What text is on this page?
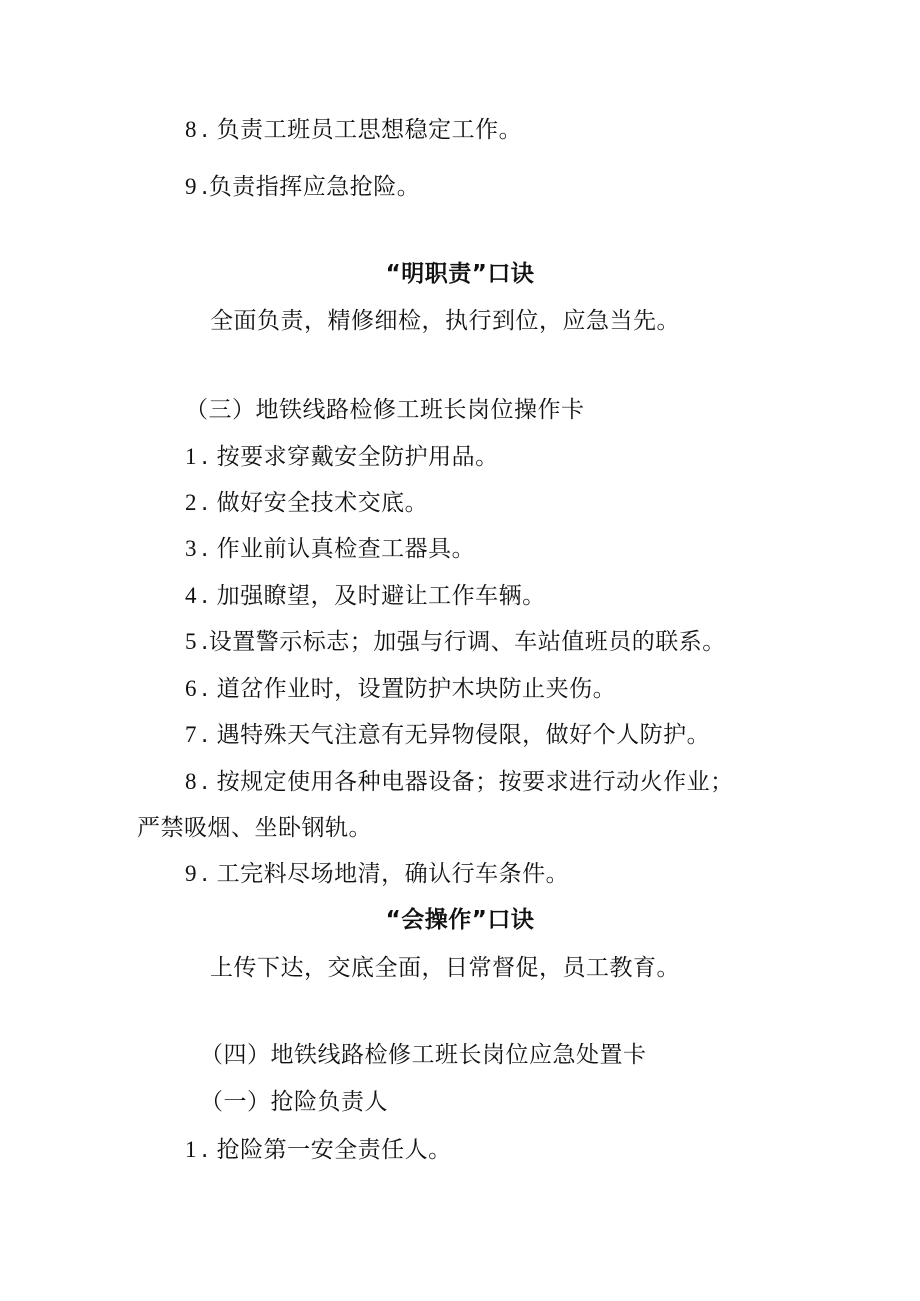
8 . 负责工班员工思想稳定工作。
9 .负责指挥应急抢险。
“明职责”口诀
全面负责，精修细检，执行到位，应急当先。
（三）地铁线路检修工班长岗位操作卡
1 . 按要求穿戴安全防护用品。
2 . 做好安全技术交底。
3 . 作业前认真检查工器具。
4 . 加强瞭望，及时避让工作车辆。
5 .设置警示标志；加强与行调、车站值班员的联系。
6 . 道岔作业时，设置防护木块防止夹伤。
7 . 遇特殊天气注意有无异物侵限，做好个人防护。
8 . 按规定使用各种电器设备；按要求进行动火作业；
严禁吸烟、坐卧钢轨。
9 . 工完料尽场地清，确认行车条件。
“会操作”口诀
上传下达，交底全面，日常督促，员工教育。
（四）地铁线路检修工班长岗位应急处置卡
（一）抢险负责人
1 . 抢险第一安全责任人。
